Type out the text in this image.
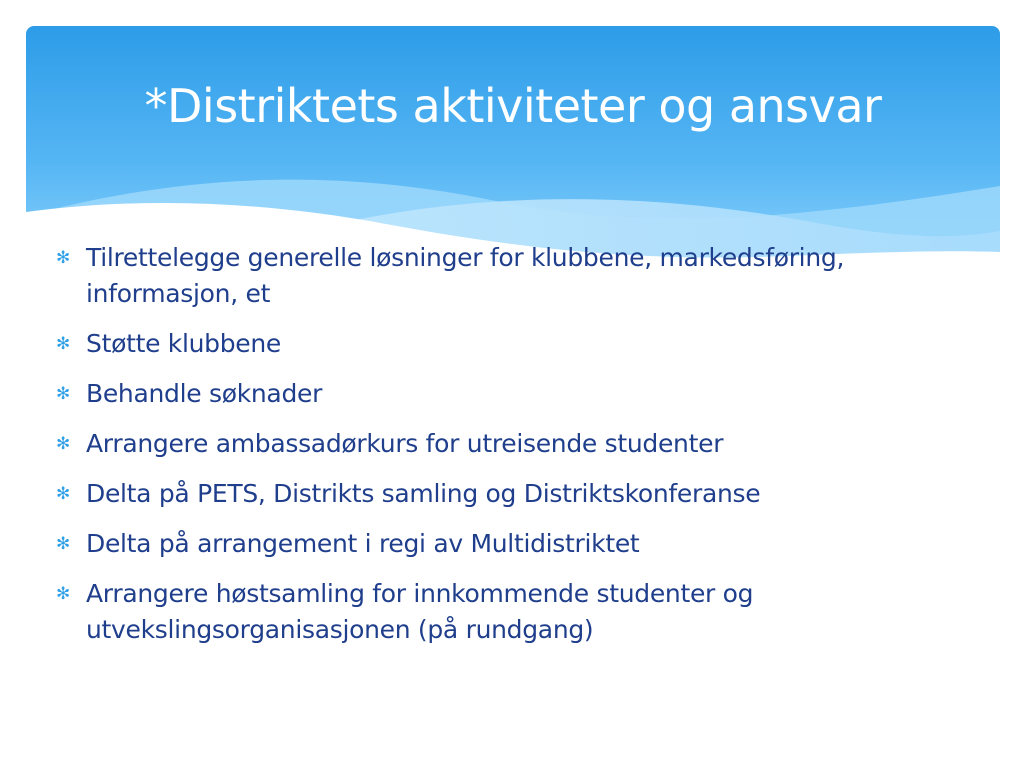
*Distriktets aktiviteter og ansvar
✻ Tilrettelegge generelle løsninger for klubbene, markedsføring, informasjon, et
✻ Støtte klubbene
✻ Behandle søknader
✻ Arrangere ambassadørkurs for utreisende studenter
✻ Delta på PETS, Distrikts samling og Distriktskonferanse
✻ Delta på arrangement i regi av Multidistriktet
✻ Arrangere høstsamling for innkommende studenter og utvekslingsorganisasjonen (på rundgang)
